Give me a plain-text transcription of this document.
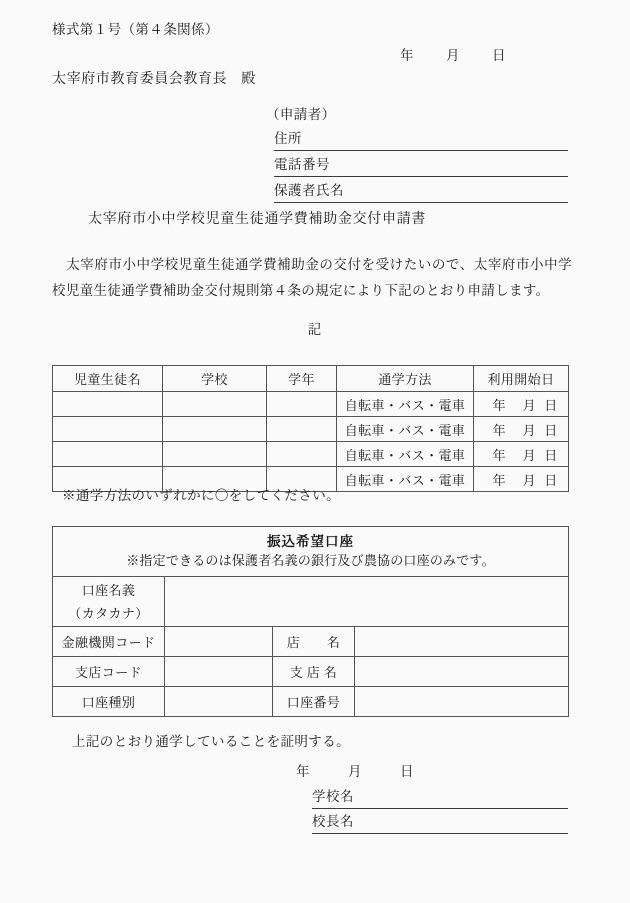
様式第１号（第４条関係）
年 月 日
太宰府市教育委員会教育長 殿
（申請者）
住所
電話番号
保護者氏名
太宰府市小中学校児童生徒通学費補助金交付申請書
太宰府市小中学校児童生徒通学費補助金の交付を受けたいので、太宰府市小中学校児童生徒通学費補助金交付規則第４条の規定により下記のとおり申請します。
記
児童生徒名	学校	学年	通学方法	利用開始日
			自転車・バス・電車	年 月 日
			自転車・バス・電車	年 月 日
			自転車・バス・電車	年 月 日
			自転車・バス・電車	年 月 日
※通学方法のいずれかに〇をしてください。
振込希望口座
※指定できるのは保護者名義の銀行及び農協の口座のみです。			

口座名義
（カタカナ）			

金融機関コード		店　　名	
支店コード		支 店 名	
口座種別		口座番号	
上記のとおり通学していることを証明する。
年	月	日
学校名
校長名
